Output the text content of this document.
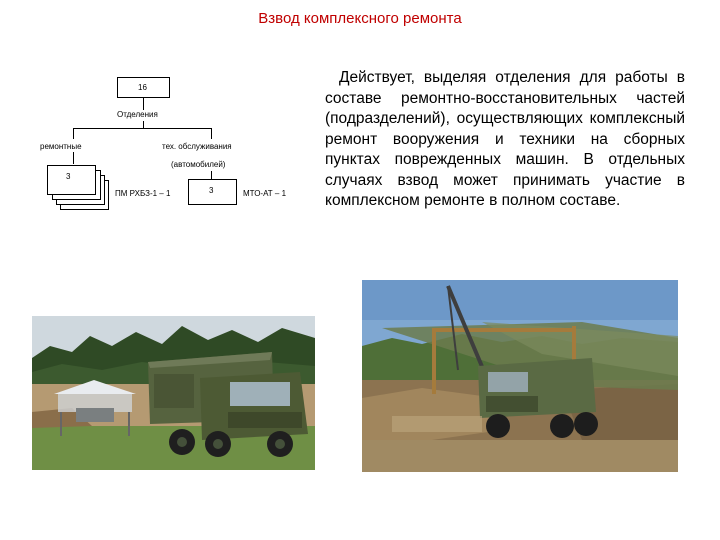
Взвод комплексного ремонта
16
Отделения
ремонтные	тех. обслуживания
(автомобилей)
3
ПМ РХБЗ-1 – 1	3	МТО-АТ – 1
Действует, выделяя отделения для работы в составе ремонтно-восстановительных частей (подразделений), осуществляющих комплексный ремонт вооружения и техники на сборных пунктах поврежденных машин. В отдельных случаях взвод может принимать участие в комплексном ремонте в полном составе.
